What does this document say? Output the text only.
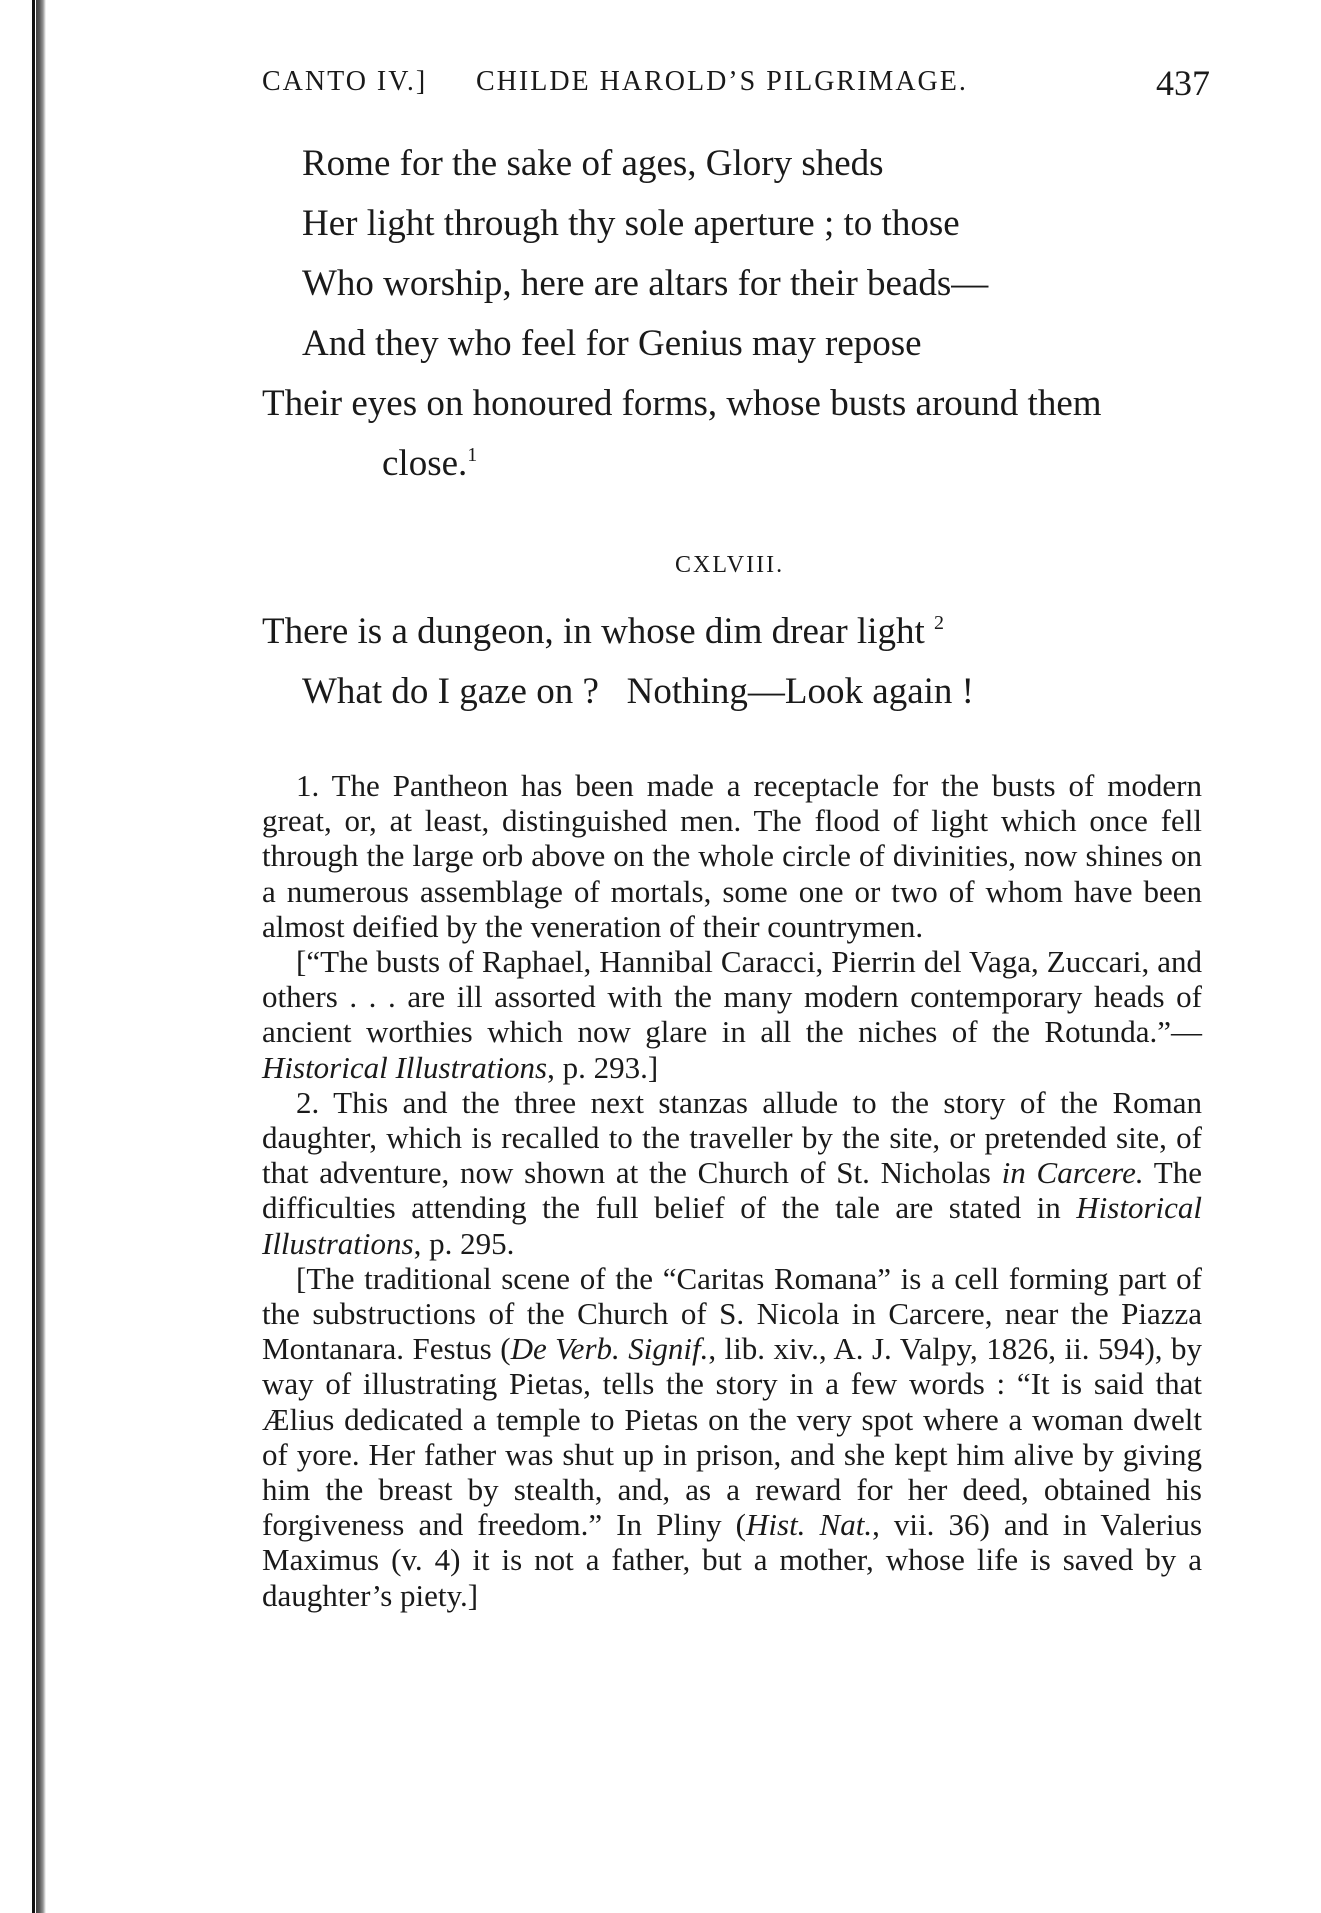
CANTO IV.] CHILDE HAROLD’S PILGRIMAGE.	437
Rome for the sake of ages, Glory sheds
Her light through thy sole aperture ; to those
Who worship, here are altars for their beads—
And they who feel for Genius may repose
Their eyes on honoured forms, whose busts around them
close.$^1$
CXLVIII.
There is a dungeon, in whose dim drear light $^2$
What do I gaze on ?   Nothing—Look again !

1. The Pantheon has been made a receptacle for the busts of modern great, or, at least, distinguished men. The flood of light which once fell through the large orb above on the whole circle of divinities, now shines on a numerous assemblage of mortals, some one or two of whom have been almost deified by the veneration of their countrymen.

[“The busts of Raphael, Hannibal Caracci, Pierrin del Vaga, Zuccari, and others . . . are ill assorted with the many modern contemporary heads of ancient worthies which now glare in all the niches of the Rotunda.”—Historical Illustrations, p. 293.]

2. This and the three next stanzas allude to the story of the Roman daughter, which is recalled to the traveller by the site, or pretended site, of that adventure, now shown at the Church of St. Nicholas in Carcere. The difficulties attending the full belief of the tale are stated in Historical Illustrations, p. 295.

[The traditional scene of the “Caritas Romana” is a cell forming part of the substructions of the Church of S. Nicola in Carcere, near the Piazza Montanara. Festus (De Verb. Signif., lib. xiv., A. J. Valpy, 1826, ii. 594), by way of illustrating Pietas, tells the story in a few words : “It is said that Ælius dedicated a temple to Pietas on the very spot where a woman dwelt of yore. Her father was shut up in prison, and she kept him alive by giving him the breast by stealth, and, as a reward for her deed, obtained his forgiveness and freedom.” In Pliny (Hist. Nat., vii. 36) and in Valerius Maximus (v. 4) it is not a father, but a mother, whose life is saved by a daughter’s piety.]
